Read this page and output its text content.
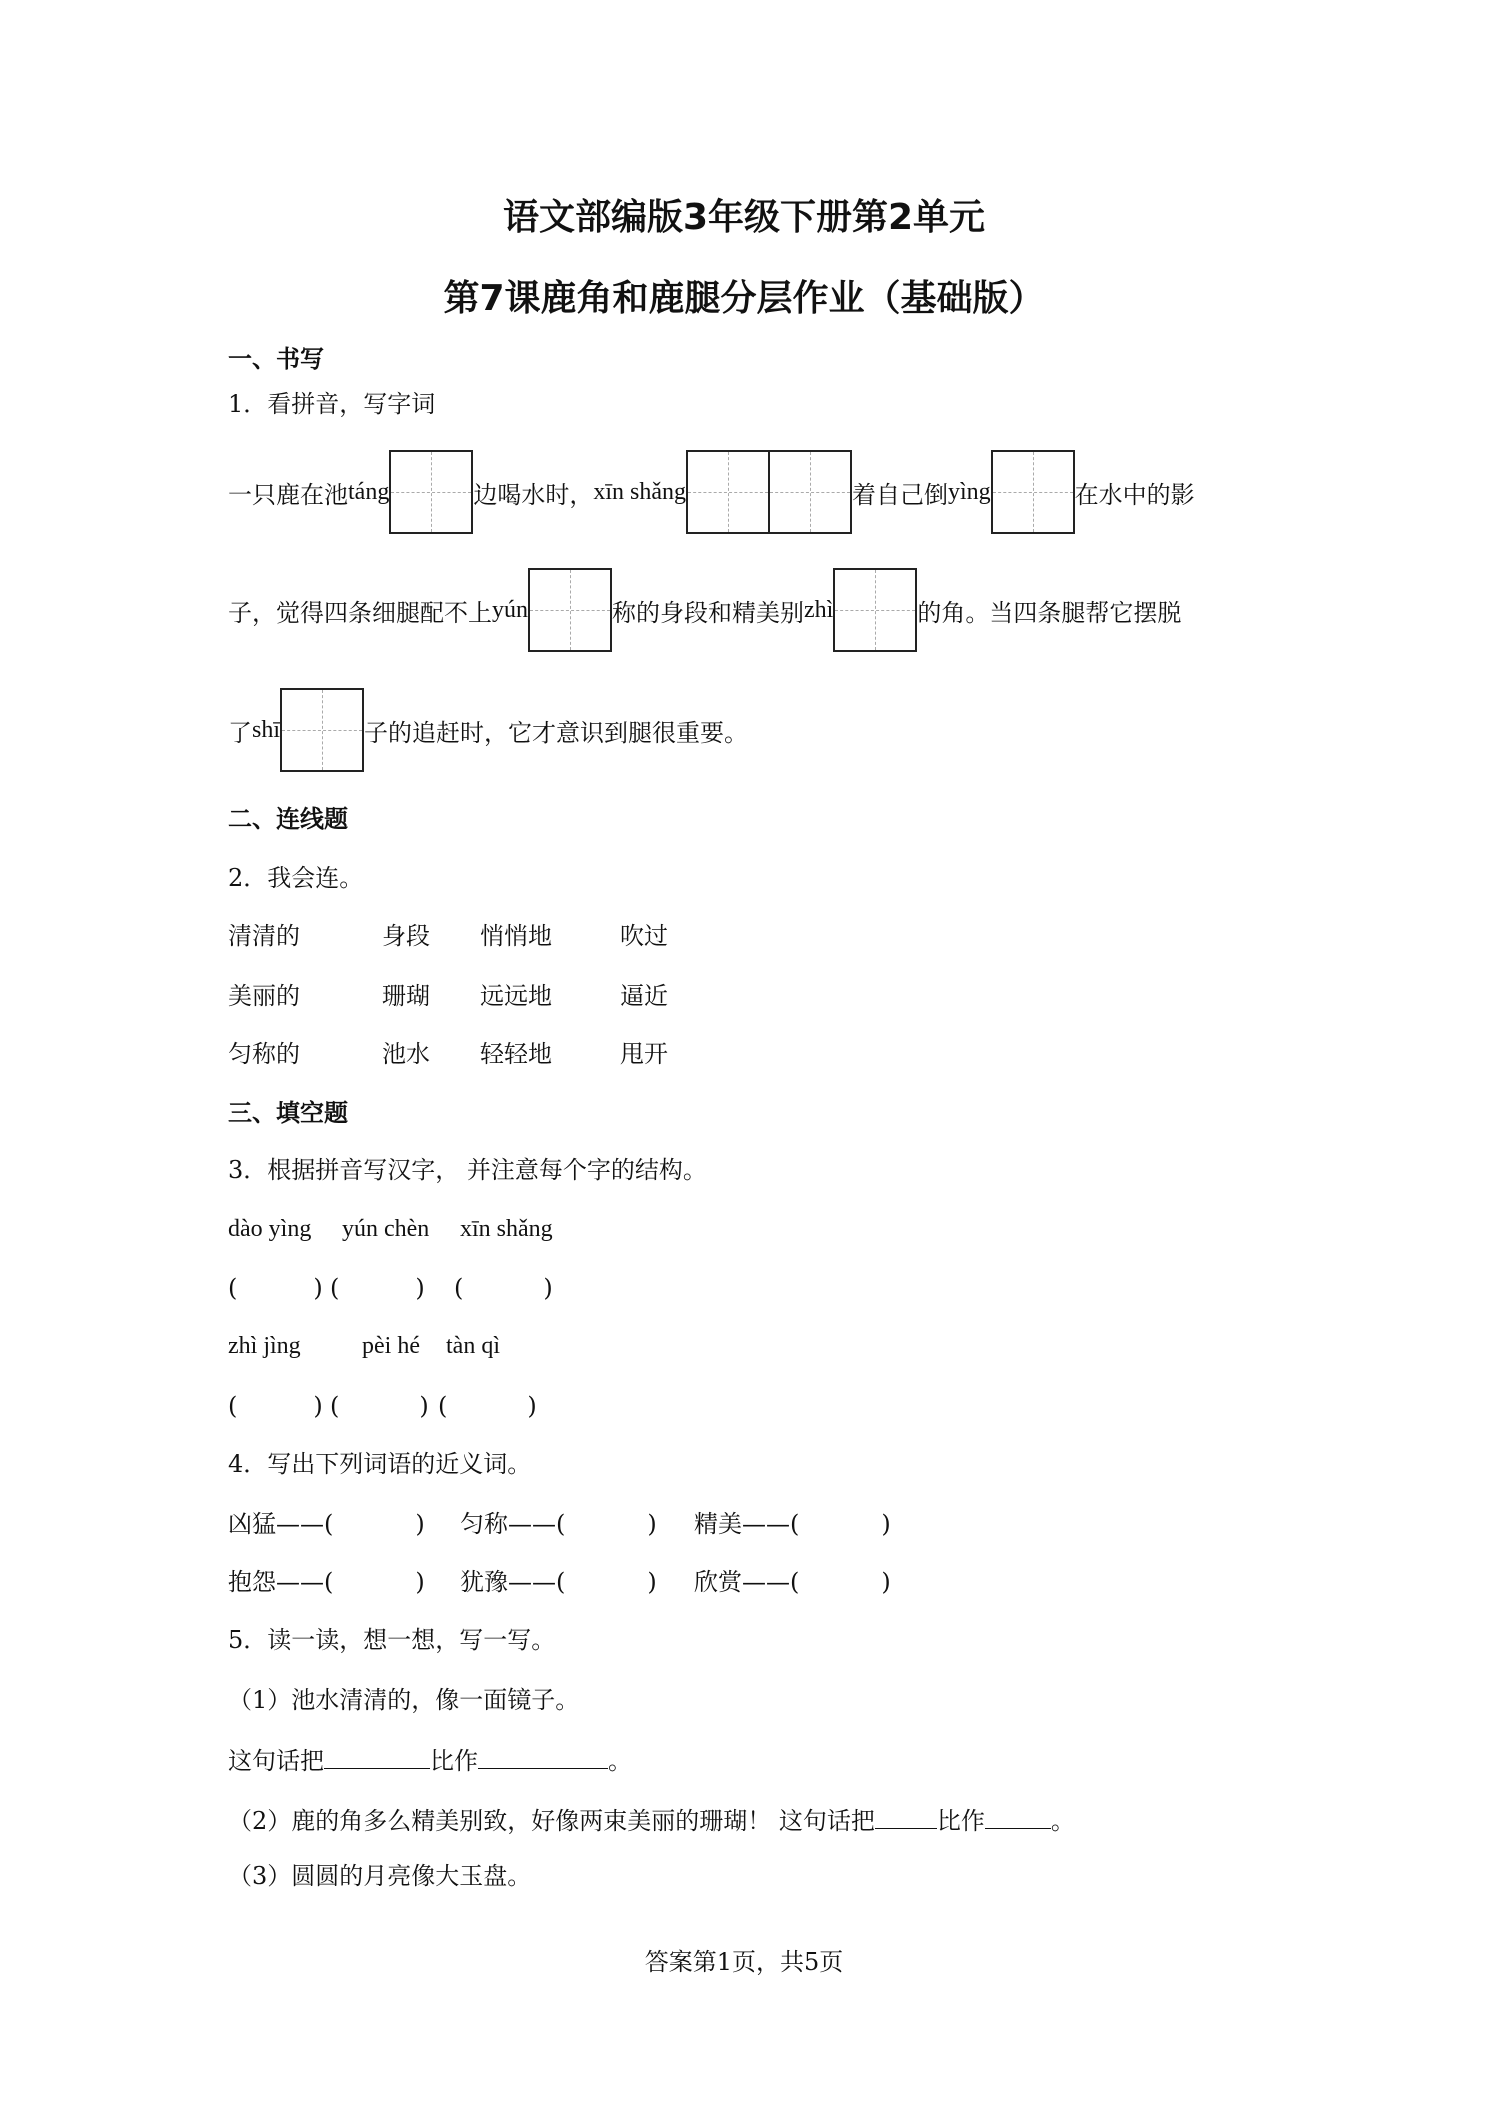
语文部编版3年级下册第2单元
第7课鹿角和鹿腿分层作业（基础版）
一、书写
1．看拼音，写字词
一只鹿在池 táng	边喝水时， xīn shǎng	着自己倒 yìng	在水中的影
子，觉得四条细腿配不上 yún	称的身段和精美别 zhì	的角。当四条腿帮它摆脱
了 shī	子的追赶时，它才意识到腿很重要。
二、连线题
2．我会连。
清清的	身段 悄悄地	吹过
美丽的	珊瑚 远远地	逼近
匀称的	池水 轻轻地	甩开
三、填空题
3．根据拼音写汉字， 并注意每个字的结构。
dào yìng yún chèn xīn shǎng
(	) (	) (	)
zhì jìng	pèi hé tàn qì
(	) (	) (	)
4．写出下列词语的近义词。
凶猛——(	) 匀称——(	) 精美——(	)
抱怨——(	) 犹豫——(	) 欣赏——(	)
5．读一读，想一想，写一写。
（1）池水清清的，像一面镜子。
这句话把	比作	。
（2）鹿的角多么精美别致，好像两束美丽的珊瑚！ 这句话把	比作	。
（3）圆圆的月亮像大玉盘。
答案第1页，共5页
